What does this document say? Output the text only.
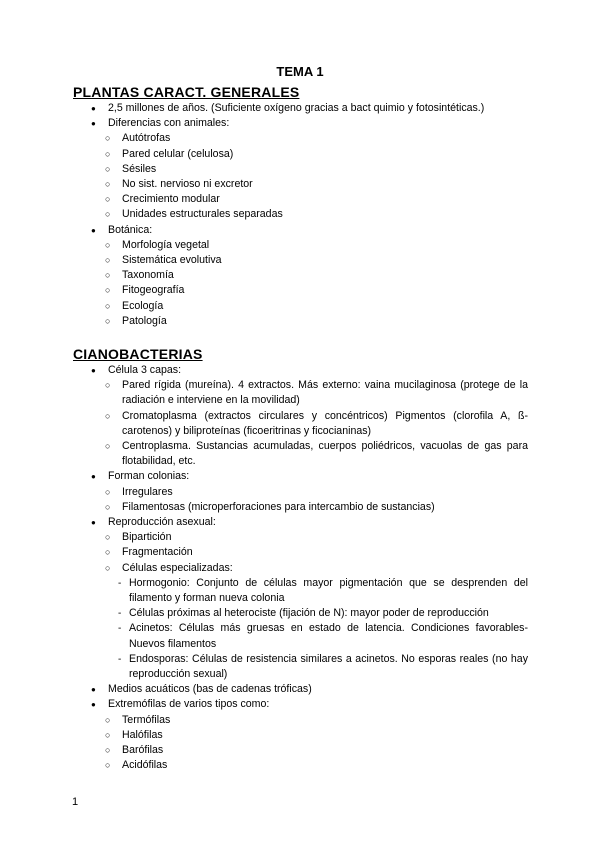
TEMA 1
PLANTAS CARACT. GENERALES
● 2,5 millones de años. (Suficiente oxígeno gracias a bact quimio y fotosintéticas.)
● Diferencias con animales:
○ Autótrofas
○ Pared celular (celulosa)
○ Sésiles
○ No sist. nervioso ni excretor
○ Crecimiento modular
○ Unidades estructurales separadas
● Botánica:
○ Morfología vegetal
○ Sistemática evolutiva
○ Taxonomía
○ Fitogeografía
○ Ecología
○ Patología
CIANOBACTERIAS
● Célula 3 capas:
○ Pared rígida (mureína). 4 extractos. Más externo: vaina mucilaginosa (protege de la radiación e interviene en la movilidad)
○ Cromatoplasma (extractos circulares y concéntricos) Pigmentos (clorofila A, ß-carotenos) y biliproteínas (ficoeritrinas y ficocianinas)
○ Centroplasma. Sustancias acumuladas, cuerpos poliédricos, vacuolas de gas para flotabilidad, etc.
● Forman colonias:
○ Irregulares
○ Filamentosas (microperforaciones para intercambio de sustancias)
● Reproducción asexual:
○ Bipartición
○ Fragmentación
○ Células especializadas:
- Hormogonio: Conjunto de células mayor pigmentación que se desprenden del filamento y forman nueva colonia
- Células próximas al heterociste (fijación de N): mayor poder de reproducción
- Acinetos: Células más gruesas en estado de latencia. Condiciones favorables-Nuevos filamentos
- Endosporas: Células de resistencia similares a acinetos. No esporas reales (no hay reproducción sexual)
● Medios acuáticos (bas de cadenas tróficas)
● Extremófilas de varios tipos como:
○ Termófilas
○ Halófilas
○ Barófilas
○ Acidófilas
1
